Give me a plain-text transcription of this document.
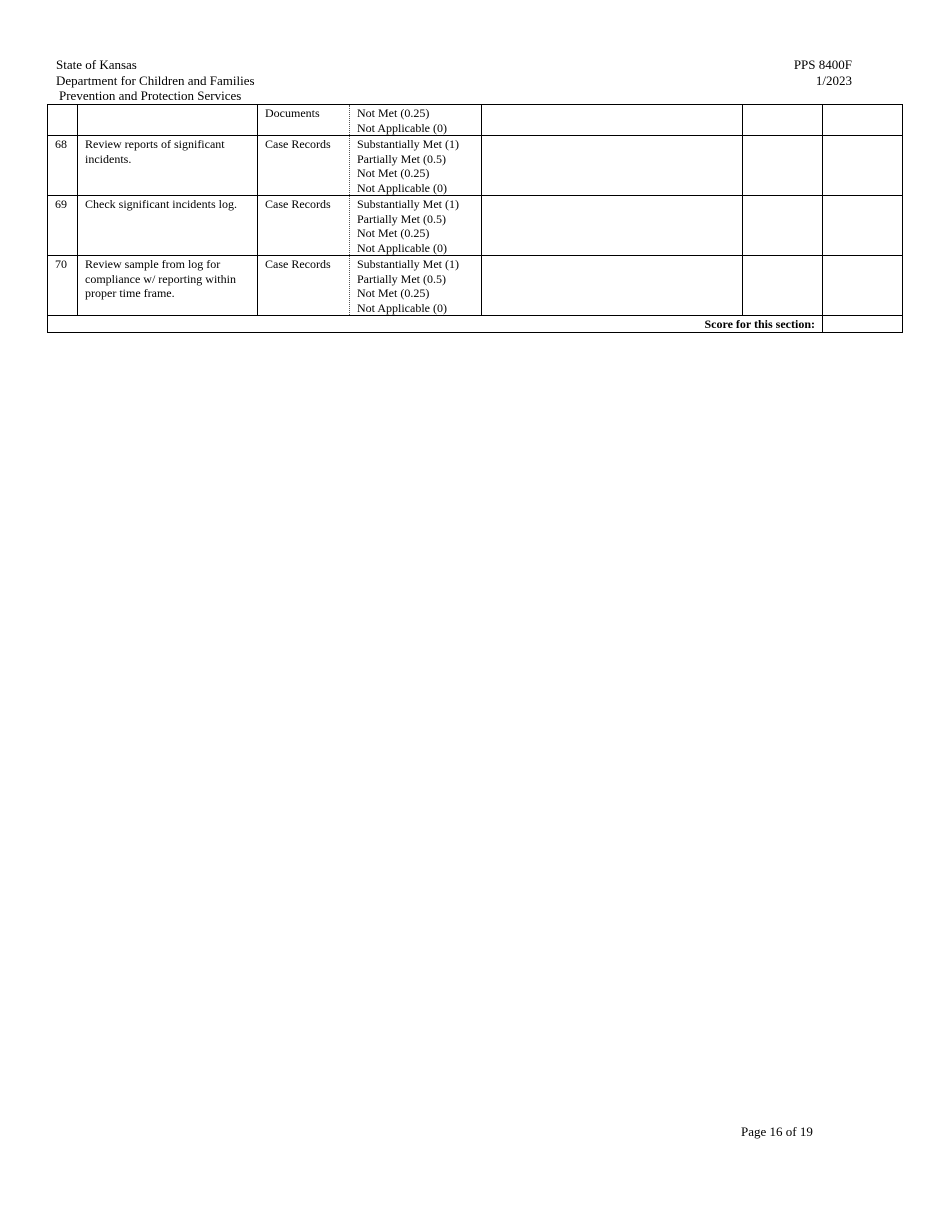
State of Kansas
Department for Children and Families
Prevention and Protection Services
PPS 8400F
1/2023
		Documents	Not Met (0.25)
Not Applicable (0)			

68	Review reports of significant incidents.	Case Records	Substantially Met (1)
Partially Met (0.5)
Not Met (0.25)
Not Applicable (0)			

69	Check significant incidents log.	Case Records	Substantially Met (1)
Partially Met (0.5)
Not Met (0.25)
Not Applicable (0)			

70	Review sample from log for compliance w/ reporting within proper time frame.	Case Records	Substantially Met (1)
Partially Met (0.5)
Not Met (0.25)
Not Applicable (0)			

Score for this section:						
Page 16 of 19
